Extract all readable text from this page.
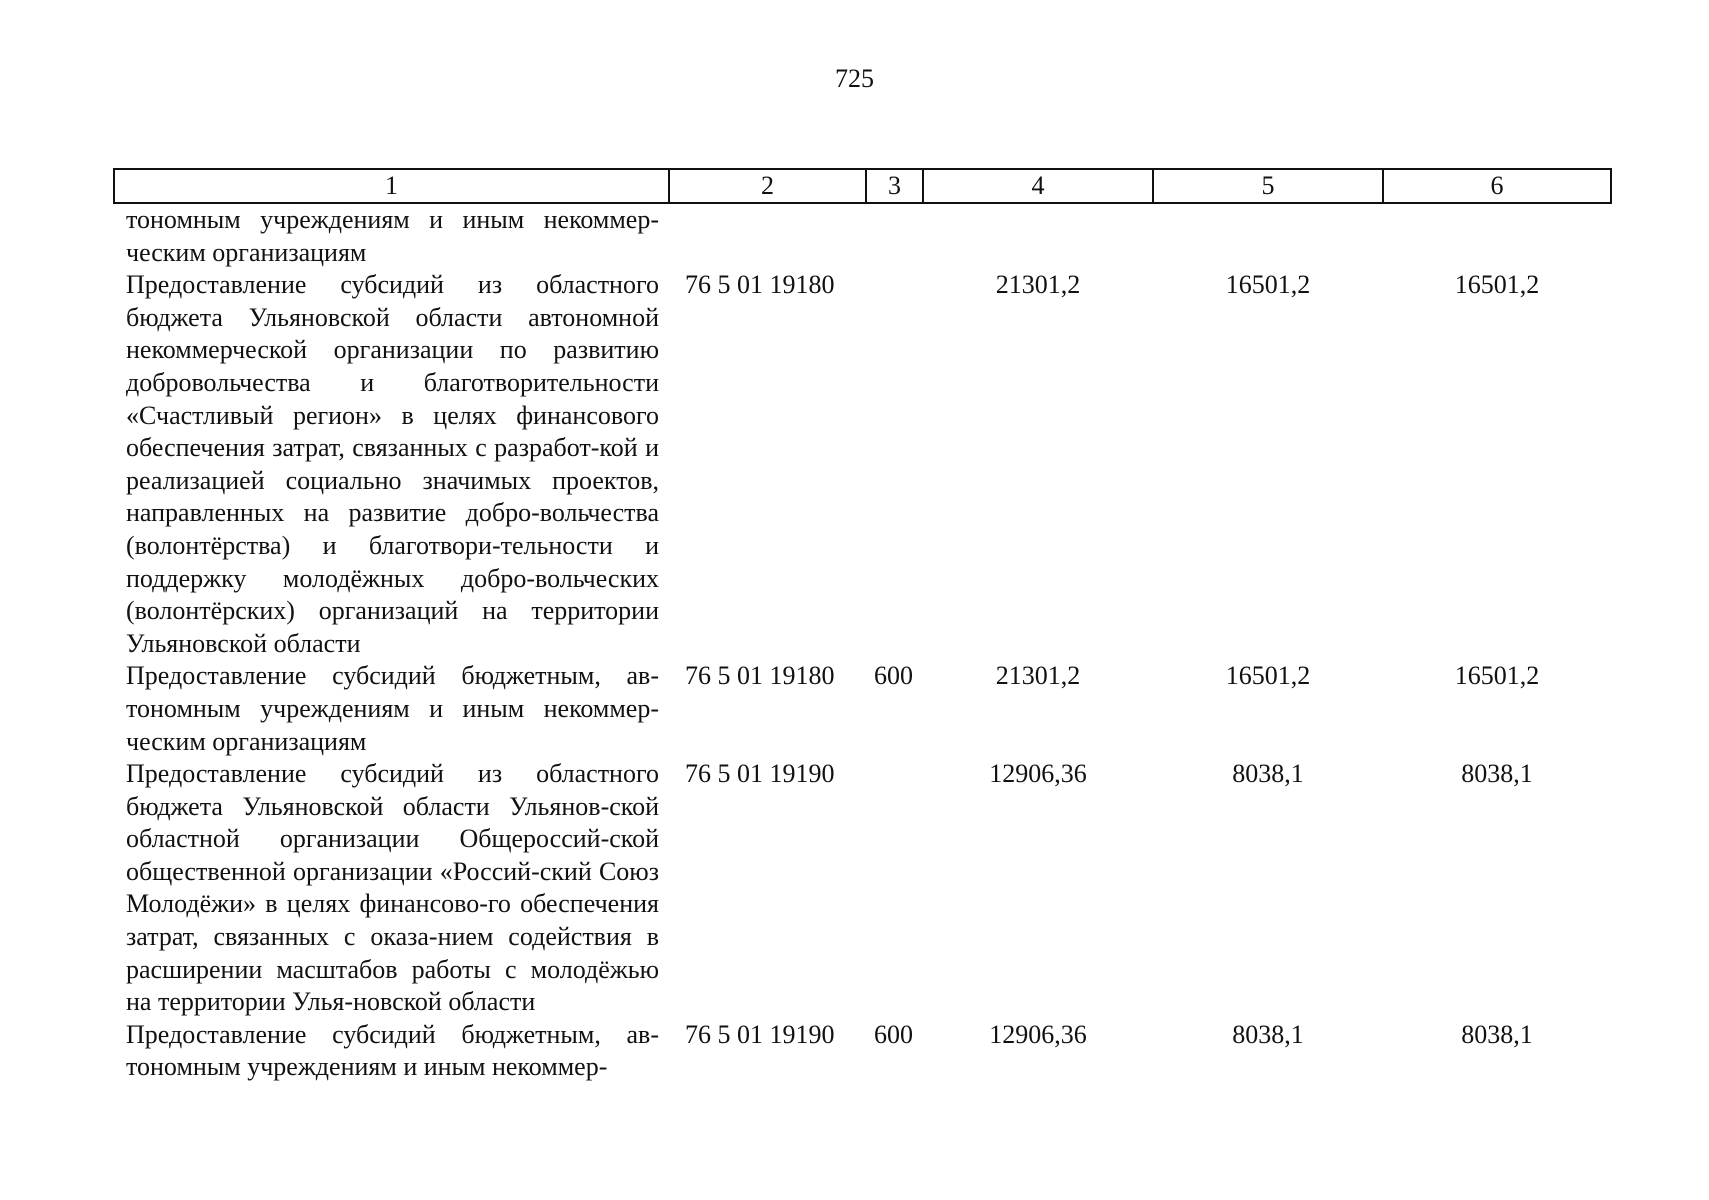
725
1	2	3	4	5	6
тономным учреждениям и иным некоммер-ческим организациям					
Предоставление субсидий из областного бюджета Ульяновской области автономной некоммерческой организации по развитию добровольчества и благотворительности «Счастливый регион» в целях финансового обеспечения затрат, связанных с разработ-кой и реализацией социально значимых проектов, направленных на развитие добро-вольчества (волонтёрства) и благотвори-тельности и поддержку молодёжных добро-вольческих (волонтёрских) организаций на территории Ульяновской области	76 5 01 19180		21301,2	16501,2	16501,2
Предоставление субсидий бюджетным, ав-тономным учреждениям и иным некоммер-ческим организациям	76 5 01 19180	600	21301,2	16501,2	16501,2
Предоставление субсидий из областного бюджета Ульяновской области Ульянов-ской областной организации Общероссий-ской общественной организации «Россий-ский Союз Молодёжи» в целях финансово-го обеспечения затрат, связанных с оказа-нием содействия в расширении масштабов работы с молодёжью на территории Улья-новской области	76 5 01 19190		12906,36	8038,1	8038,1
Предоставление субсидий бюджетным, ав-тономным учреждениям и иным некоммер-	76 5 01 19190	600	12906,36	8038,1	8038,1
